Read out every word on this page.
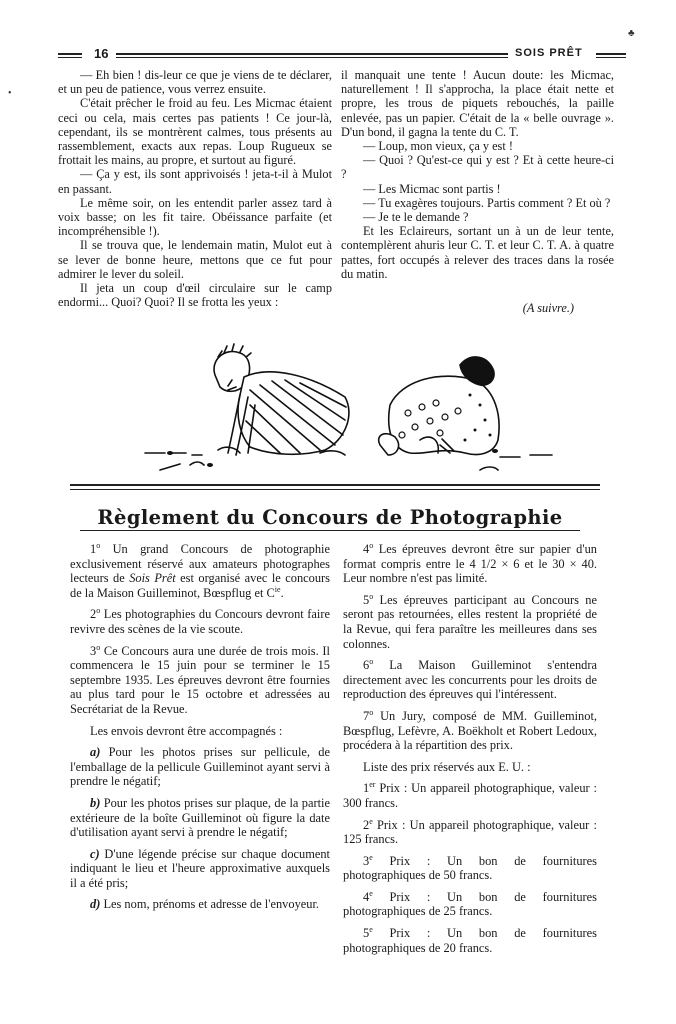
16	SOIS PRÊT
♣
•

— Eh bien ! dis-leur ce que je viens de te déclarer, et un peu de patience, vous verrez ensuite.

C'était prêcher le froid au feu. Les Micmac étaient ceci ou cela, mais certes pas patients ! Ce jour-là, cependant, ils se montrèrent calmes, tous présents au rassemblement, exacts aux repas. Loup Rugueux se frottait les mains, au propre, et surtout au figuré.

— Ça y est, ils sont apprivoisés ! jeta-t-il à Mulot en passant.

Le même soir, on les entendit parler assez tard à voix basse; on les fit taire. Obéissance parfaite (et incompréhensible !).

Il se trouva que, le lendemain matin, Mulot eut à se lever de bonne heure, mettons que ce fut pour admirer le lever du soleil.

Il jeta un coup d'œil circulaire sur le camp endormi... Quoi? Quoi? Il se frotta les yeux :

il manquait une tente ! Aucun doute: les Micmac, naturellement ! Il s'approcha, la place était nette et propre, les trous de piquets rebouchés, la paille enlevée, pas un papier. C'était de la « belle ouvrage ». D'un bond, il gagna la tente du C. T.

— Loup, mon vieux, ça y est !

— Quoi ? Qu'est-ce qui y est ? Et à cette heure-ci ?

— Les Micmac sont partis !

— Tu exagères toujours. Partis comment ? Et où ?

— Je te le demande ?

Et les Eclaireurs, sortant un à un de leur tente, contemplèrent ahuris leur C. T. et leur C. T. A. à quatre pattes, fort occupés à relever des traces dans la rosée du matin.

(A suivre.)

Règlement du Concours de Photographie

1$^o$ Un grand Concours de photographie exclusivement réservé aux amateurs photographes lecteurs de Sois Prêt est organisé avec le concours de la Maison Guilleminot, Bœspflug et $C^{ie}$.

2$^o$ Les photographies du Concours devront faire revivre des scènes de la vie scoute.

3$^o$ Ce Concours aura une durée de trois mois. Il commencera le 15 juin pour se terminer le 15 septembre 1935. Les épreuves devront être fournies au plus tard pour le 15 octobre et adressées au Secrétariat de la Revue.

Les envois devront être accompagnés :

a) Pour les photos prises sur pellicule, de l'emballage de la pellicule Guilleminot ayant servi à prendre le négatif;

b) Pour les photos prises sur plaque, de la partie extérieure de la boîte Guilleminot où figure la date d'utilisation ayant servi à prendre le négatif;

c) D'une légende précise sur chaque document indiquant le lieu et l'heure approximative auxquels il a été pris;

d) Les nom, prénoms et adresse de l'envoyeur.

4$^o$ Les épreuves devront être sur papier d'un format compris entre le 4 1/2 × 6 et le 30 × 40. Leur nombre n'est pas limité.

5$^o$ Les épreuves participant au Concours ne seront pas retournées, elles restent la propriété de la Revue, qui fera paraître les meilleures dans ses colonnes.

6$^o$ La Maison Guilleminot s'entendra directement avec les concurrents pour les droits de reproduction des épreuves qui l'intéressent.

7$^o$ Un Jury, composé de MM. Guilleminot, Bœspflug, Lefèvre, A. Boëkholt et Robert Ledoux, procédera à la répartition des prix.

Liste des prix réservés aux E. U. :

1er Prix : Un appareil photographique, valeur : 300 francs.

2e Prix : Un appareil photographique, valeur : 125 francs.

3e Prix : Un bon de fournitures photographiques de 50 francs.

4e Prix : Un bon de fournitures photographiques de 25 francs.

5e Prix : Un bon de fournitures photographiques de 20 francs.
